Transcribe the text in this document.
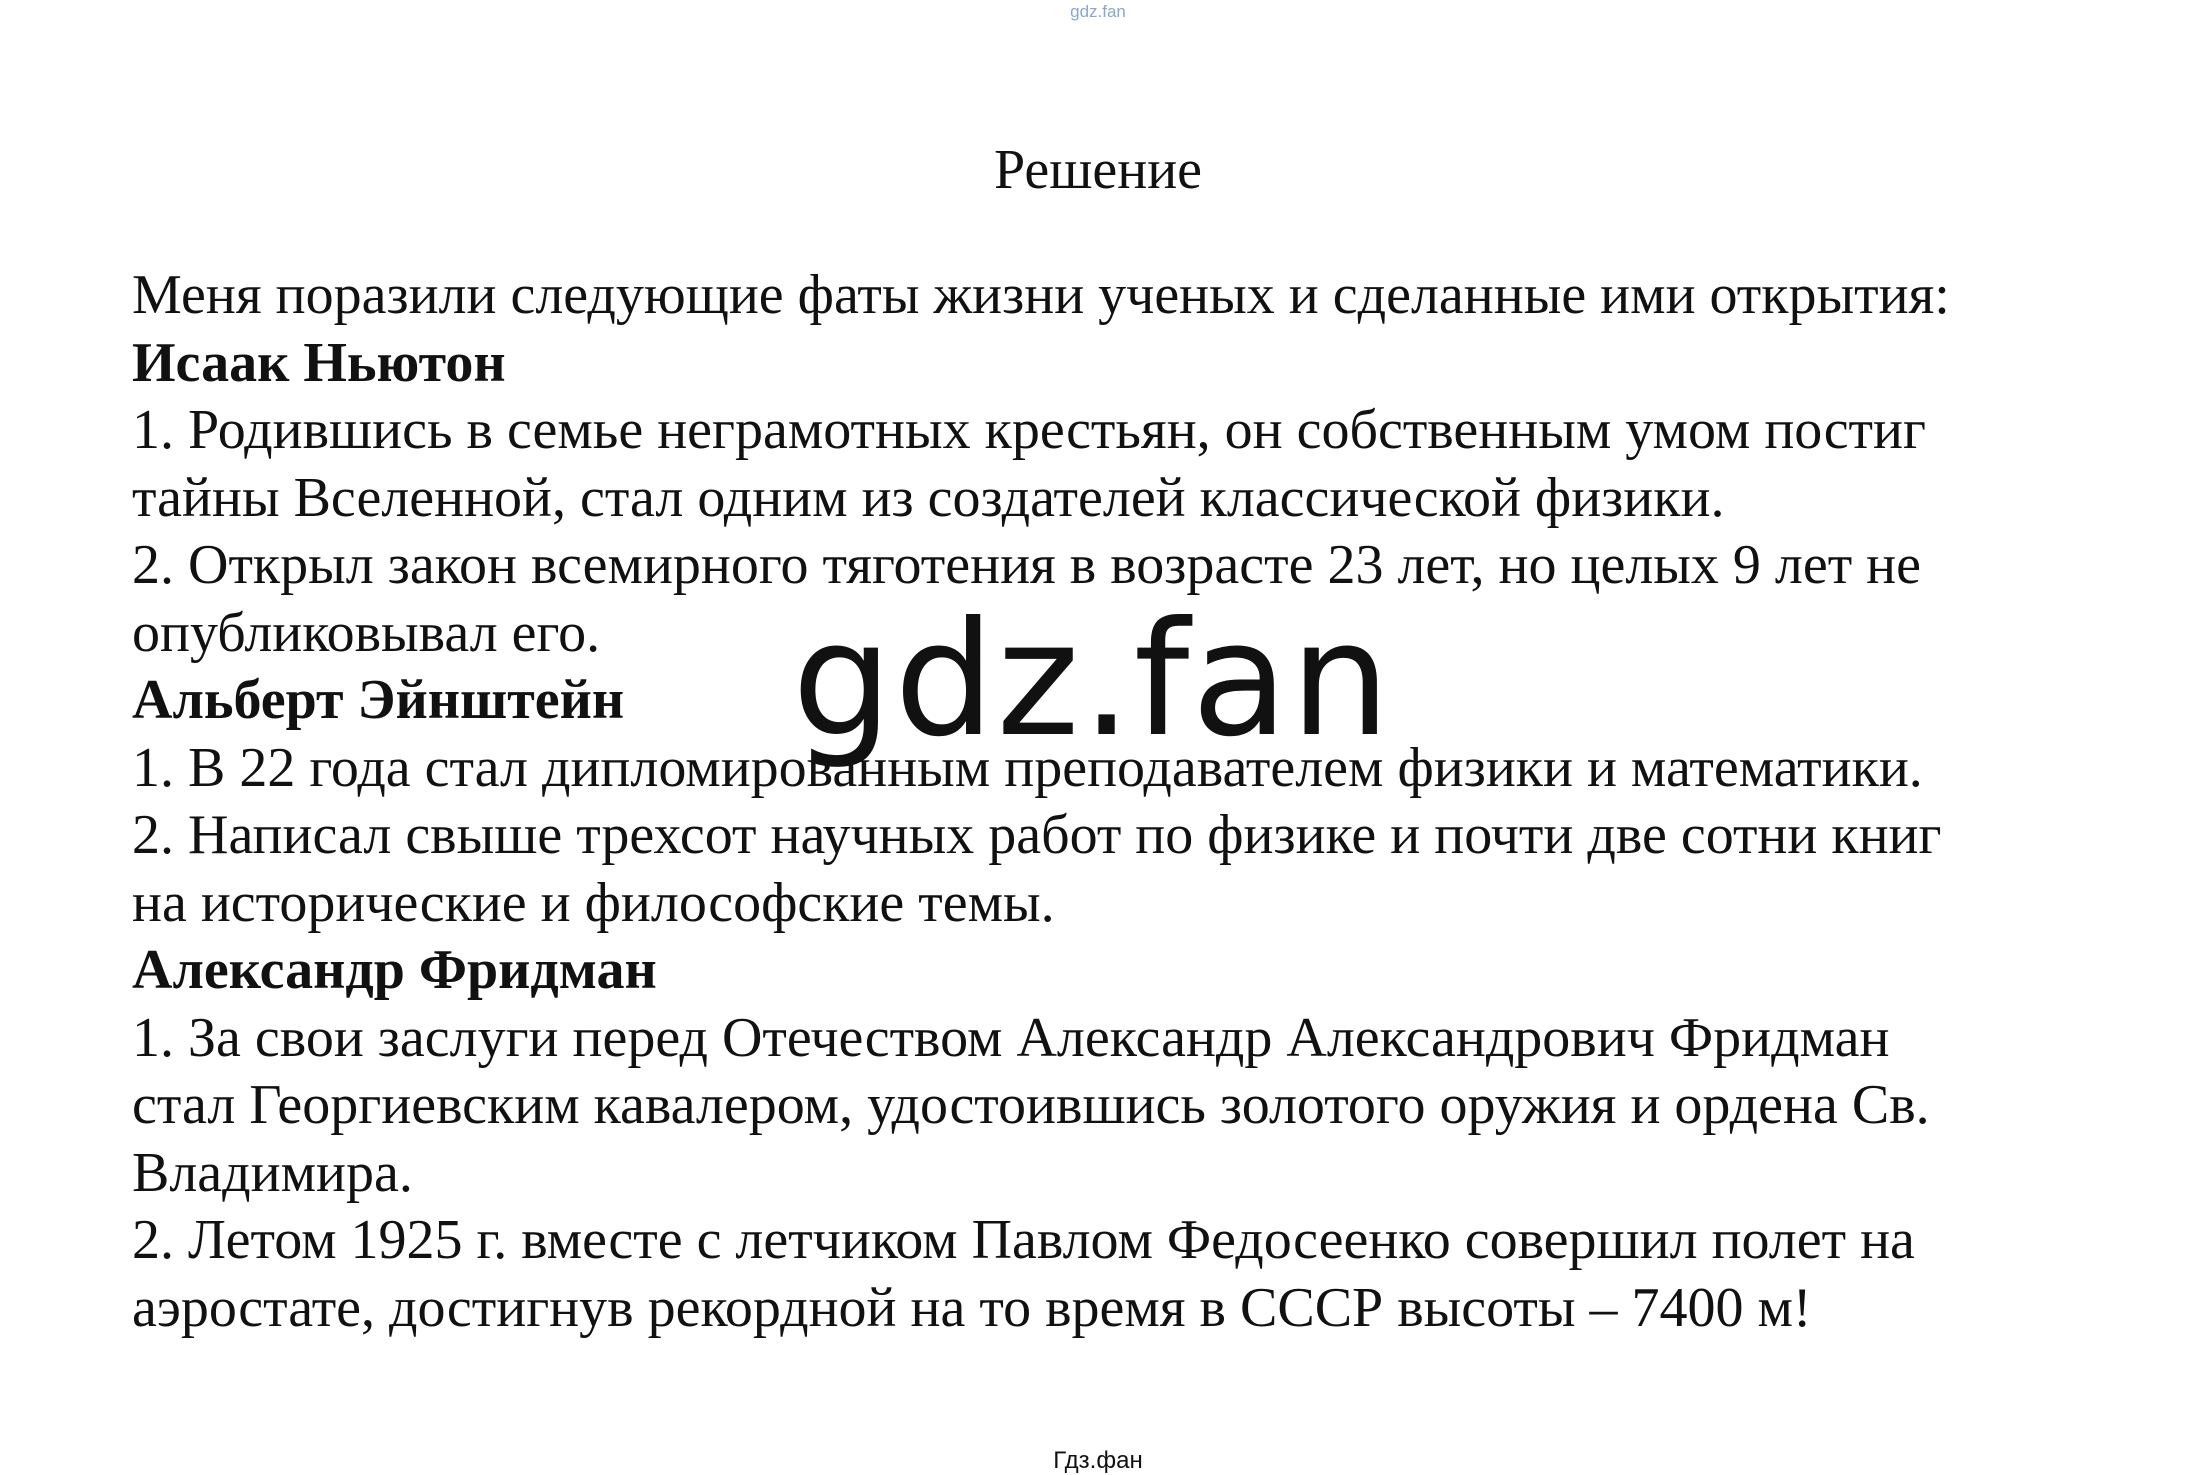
gdz.fan
Решение
Меня поразили следующие фаты жизни ученых и сделанные ими открытия:
Исаак Ньютон
1. Родившись в семье неграмотных крестьян, он собственным умом постиг
тайны Вселенной, стал одним из создателей классической физики.
2. Открыл закон всемирного тяготения в возрасте 23 лет, но целых 9 лет не
опубликовывал его.
Альберт Эйнштейн
1. В 22 года стал дипломированным преподавателем физики и математики.
2. Написал свыше трехсот научных работ по физике и почти две сотни книг
на исторические и философские темы.
Александр Фридман
1. За свои заслуги перед Отечеством Александр Александрович Фридман
стал Георгиевским кавалером, удостоившись золотого оружия и ордена Св.
Владимира.
2. Летом 1925 г. вместе с летчиком Павлом Федосеенко совершил полет на
аэростате, достигнув рекордной на то время в СССР высоты – 7400 м!
gdz.fan
Гдз.фан
